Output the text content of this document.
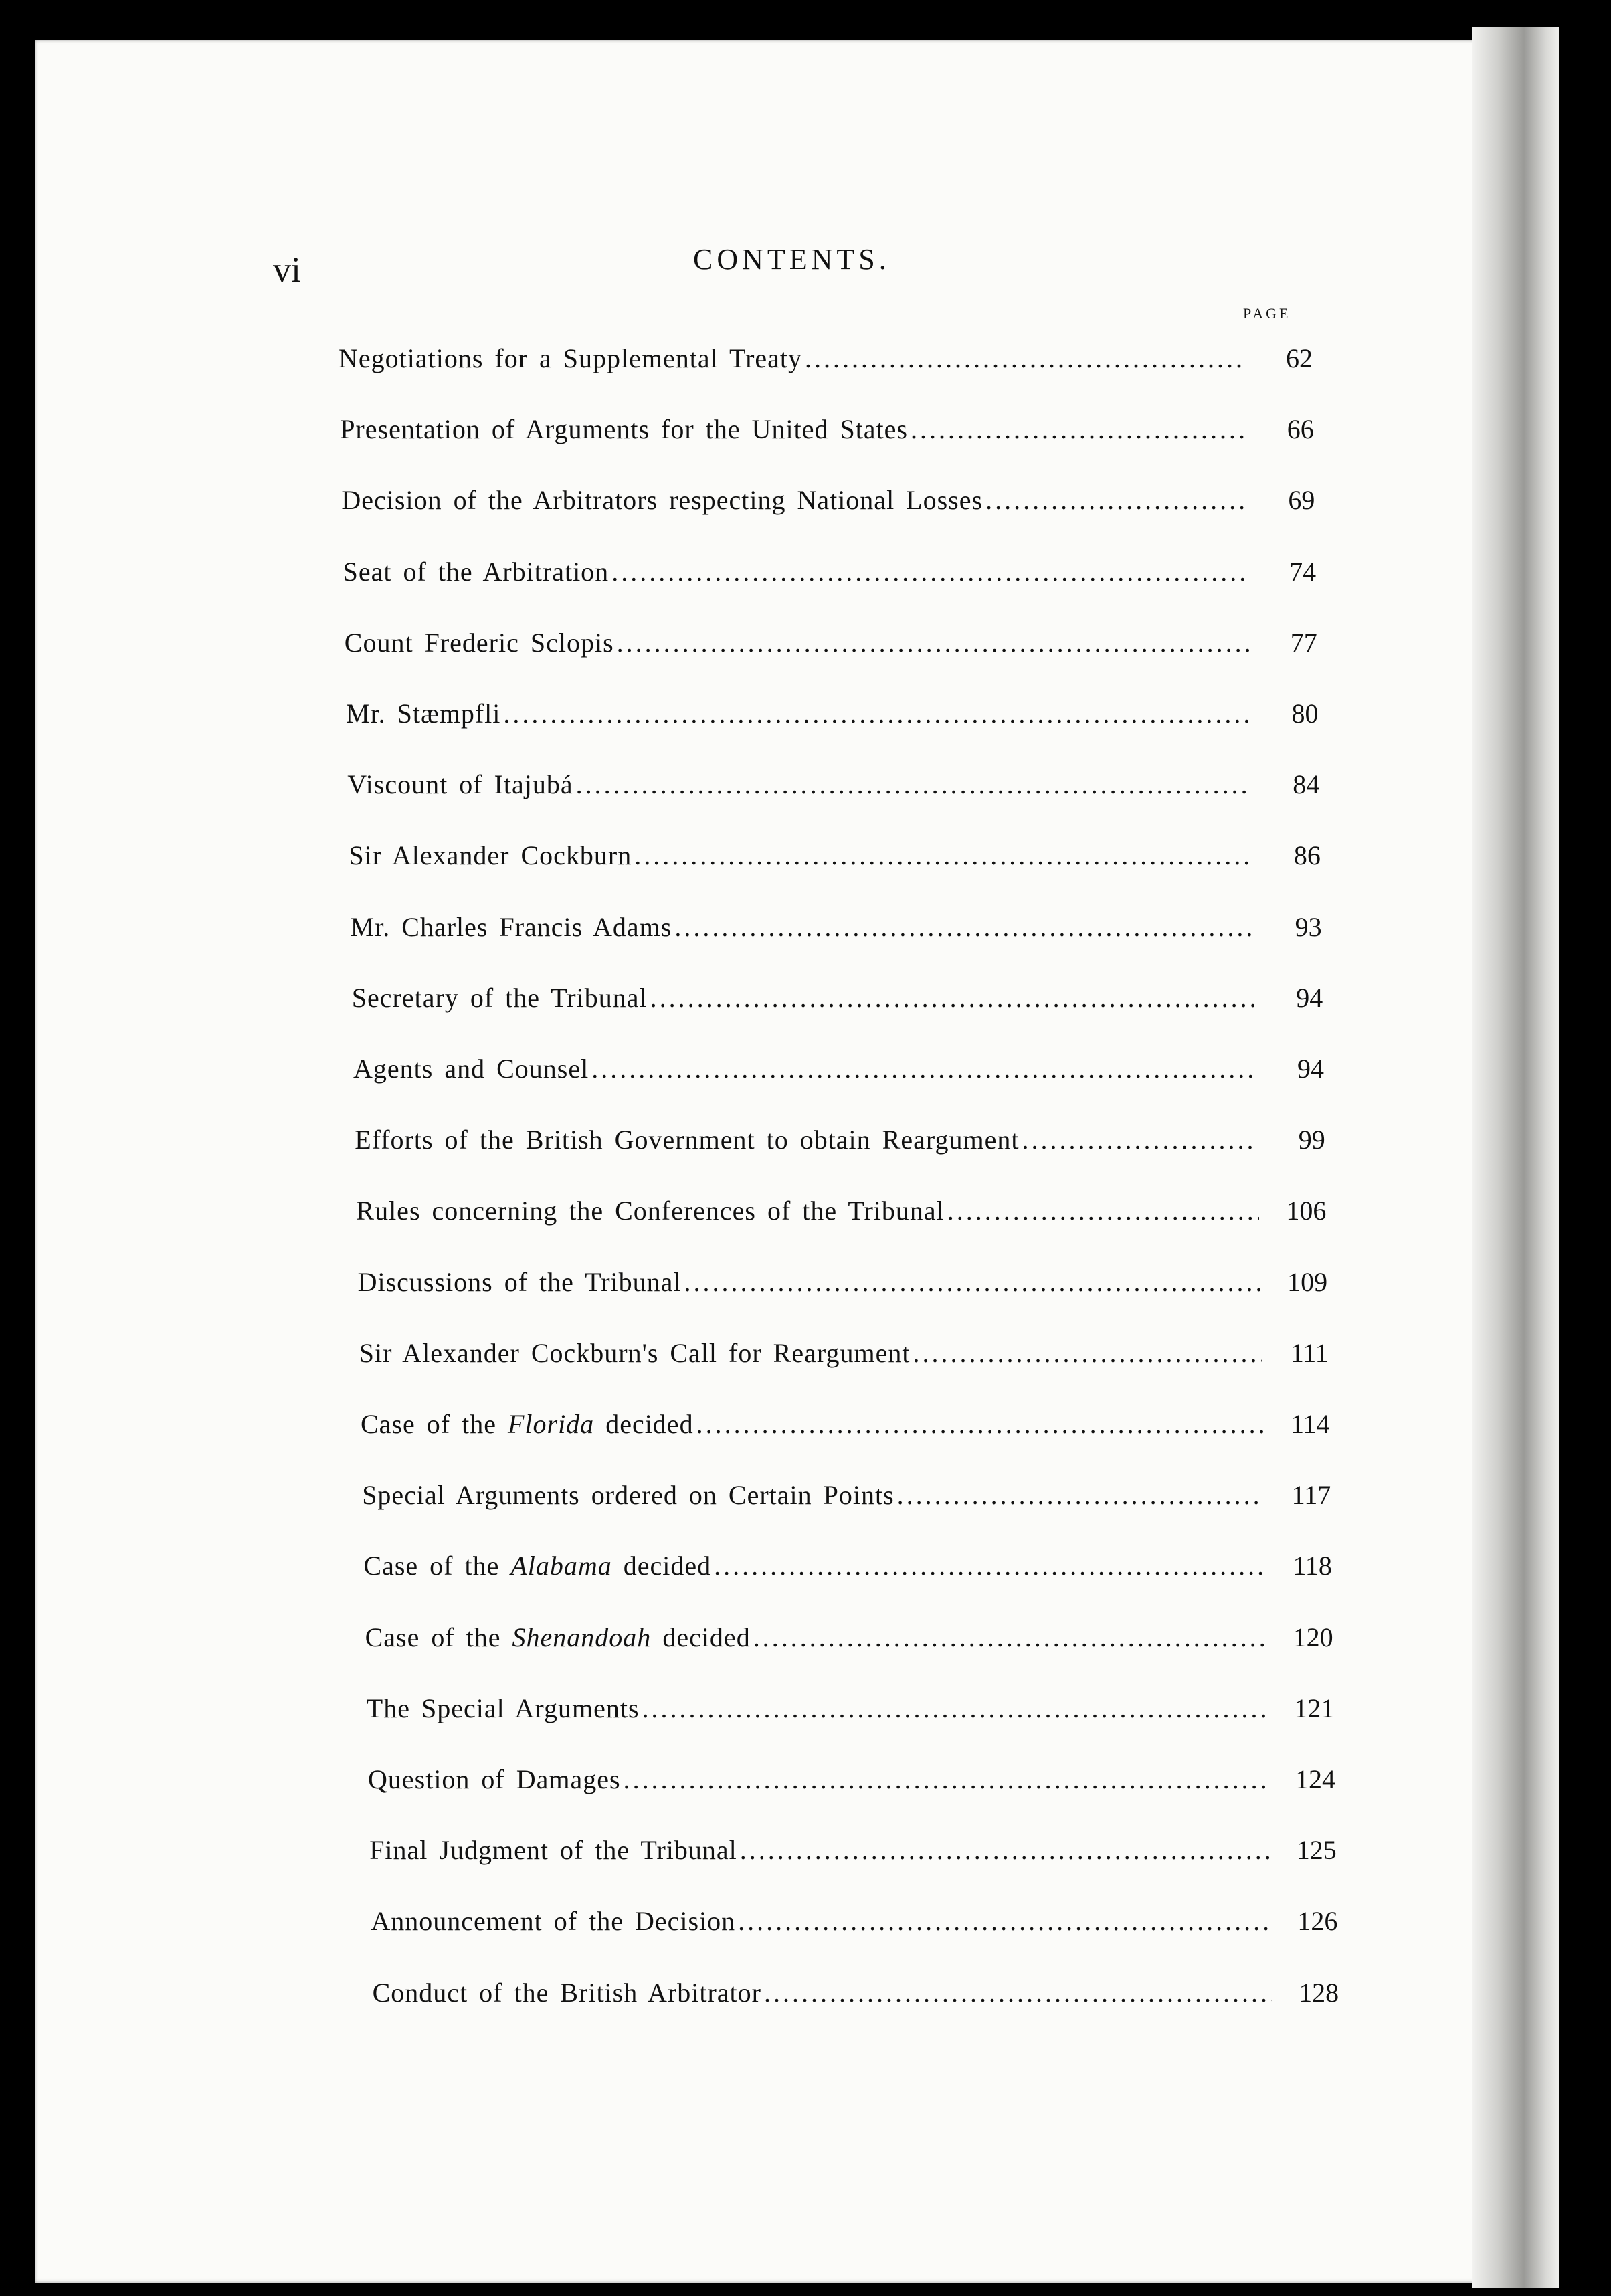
vi	CONTENTS.
PAGE
Negotiations for a Supplemental Treaty .....	62
Presentation of Arguments for the United States .....	66
Decision of the Arbitrators respecting National Losses .....	69
Seat of the Arbitration .....	74
Count Frederic Sclopis .....	77
Mr. Stæmpfli .....	80
Viscount of Itajubá .....	84
Sir Alexander Cockburn .....	86
Mr. Charles Francis Adams .....	93
Secretary of the Tribunal .....	94
Agents and Counsel .....	94
Efforts of the British Government to obtain Reargument .....	99
Rules concerning the Conferences of the Tribunal .....	106
Discussions of the Tribunal .....	109
Sir Alexander Cockburn's Call for Reargument .....	111
Case of the Florida decided .....	114
Special Arguments ordered on Certain Points .....	117
Case of the Alabama decided .....	118
Case of the Shenandoah decided .....	120
The Special Arguments .....	121
Question of Damages .....	124
Final Judgment of the Tribunal .....	125
Announcement of the Decision .....	126
Conduct of the British Arbitrator .....	128
